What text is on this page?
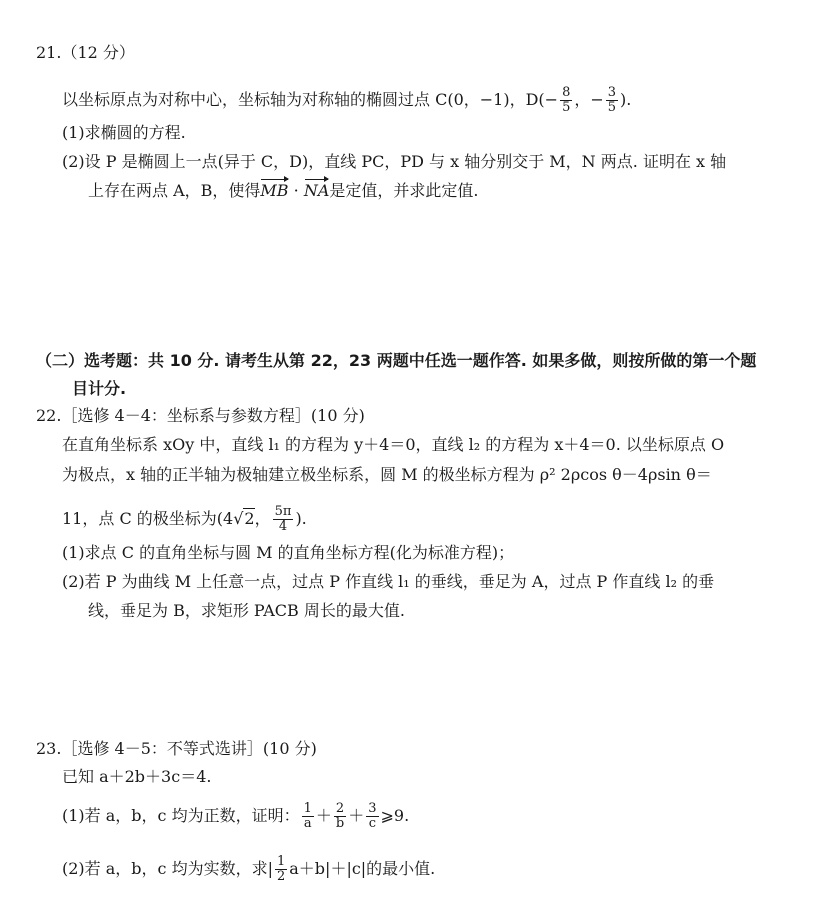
21.（12 分）
以坐标原点为对称中心，坐标轴为对称轴的椭圆过点 C(0，−1)，$D(- \frac{8}{5}$ ，− $\frac{3}{5}$ ).
(1)求椭圆的方程.
(2)设 P 是椭圆上一点(异于 C，D)，直线 PC，PD 与 x 轴分别交于 M，N 两点. 证明在 x 轴
上存在两点 A，B，使得MB · NA是定值，并求此定值.
（二）选考题：共 10 分. 请考生从第 22，23 两题中任选一题作答. 如果多做，则按所做的第一个题
目计分.
22.［选修 4－4：坐标系与参数方程］(10 分)
在直角坐标系 xOy 中，直线 l₁ 的方程为 y＋4＝0，直线 l₂ 的方程为 x＋4＝0. 以坐标原点 O
为极点，x 轴的正半轴为极轴建立极坐标系，圆 M 的极坐标方程为 ρ² 2ρcos θ－4ρsin θ＝
11，点 C 的极坐标为(4√2， $\frac{5\pi}{4}$ ).
(1)求点 C 的直角坐标与圆 M 的直角坐标方程(化为标准方程)；
(2)若 P 为曲线 M 上任意一点，过点 P 作直线 l₁ 的垂线，垂足为 A，过点 P 作直线 l₂ 的垂
线，垂足为 B，求矩形 PACB 周长的最大值.
23.［选修 4－5：不等式选讲］(10 分)
已知 a＋2b＋3c＝4.
(1)若 a，b，c 均为正数，证明： $\frac{1}{a} + \frac{2}{b} + \frac{3}{c}$ ⩾9.
(2)若 a，b，c 均为实数，求| $\frac{1}{2} a+b|+|c|$的最小值.
